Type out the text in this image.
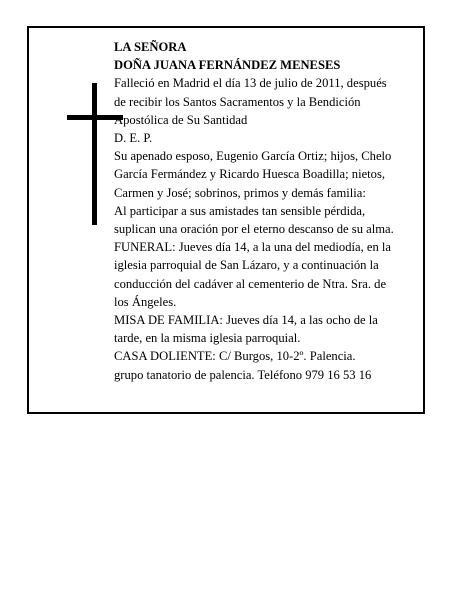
LA SEÑORA
DOÑA JUANA FERNÁNDEZ MENESES
Falleció en Madrid el día 13 de julio de 2011, después
de recibir los Santos Sacramentos y la Bendición
Apostólica de Su Santidad
D. E. P.
Su apenado esposo, Eugenio García Ortiz; hijos, Chelo
García Fermández y Ricardo Huesca Boadilla; nietos,
Carmen y José; sobrinos, primos y demás familia:
Al participar a sus amistades tan sensible pérdida,
suplican una oración por el eterno descanso de su alma.
FUNERAL: Jueves día 14, a la una del mediodía, en la
iglesia parroquial de San Lázaro, y a continuación la
conducción del cadáver al cementerio de Ntra. Sra. de
los Ángeles.
MISA DE FAMILIA: Jueves día 14, a las ocho de la
tarde, en la misma iglesia parroquial.
CASA DOLIENTE: C/ Burgos, 10-2º. Palencia.
grupo tanatorio de palencia. Teléfono 979 16 53 16
